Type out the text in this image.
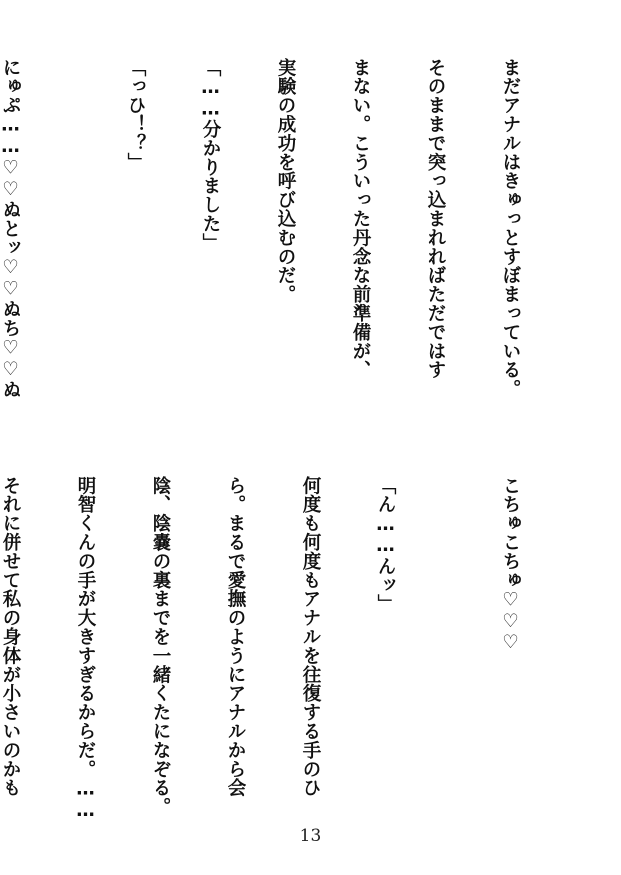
まだアナルはきゅっとすぼまっている。

そのままで突っ込まれればただではす

まない。こういった丹念な前準備が、

実験の成功を呼び込むのだ。

「……分かりました」

「っひ！？」

にゅぷ……♡♡ぬとッ♡♡ぬち♡♡ぬ

こちゅこちゅ♡♡♡

「ん……んッ」

何度も何度もアナルを往復する手のひ

ら。まるで愛撫のようにアナルから会

陰、陰嚢の裏までを一緒くたになぞる。

明智くんの手が大きすぎるからだ。……

それに併せて私の身体が小さいのかも

13
